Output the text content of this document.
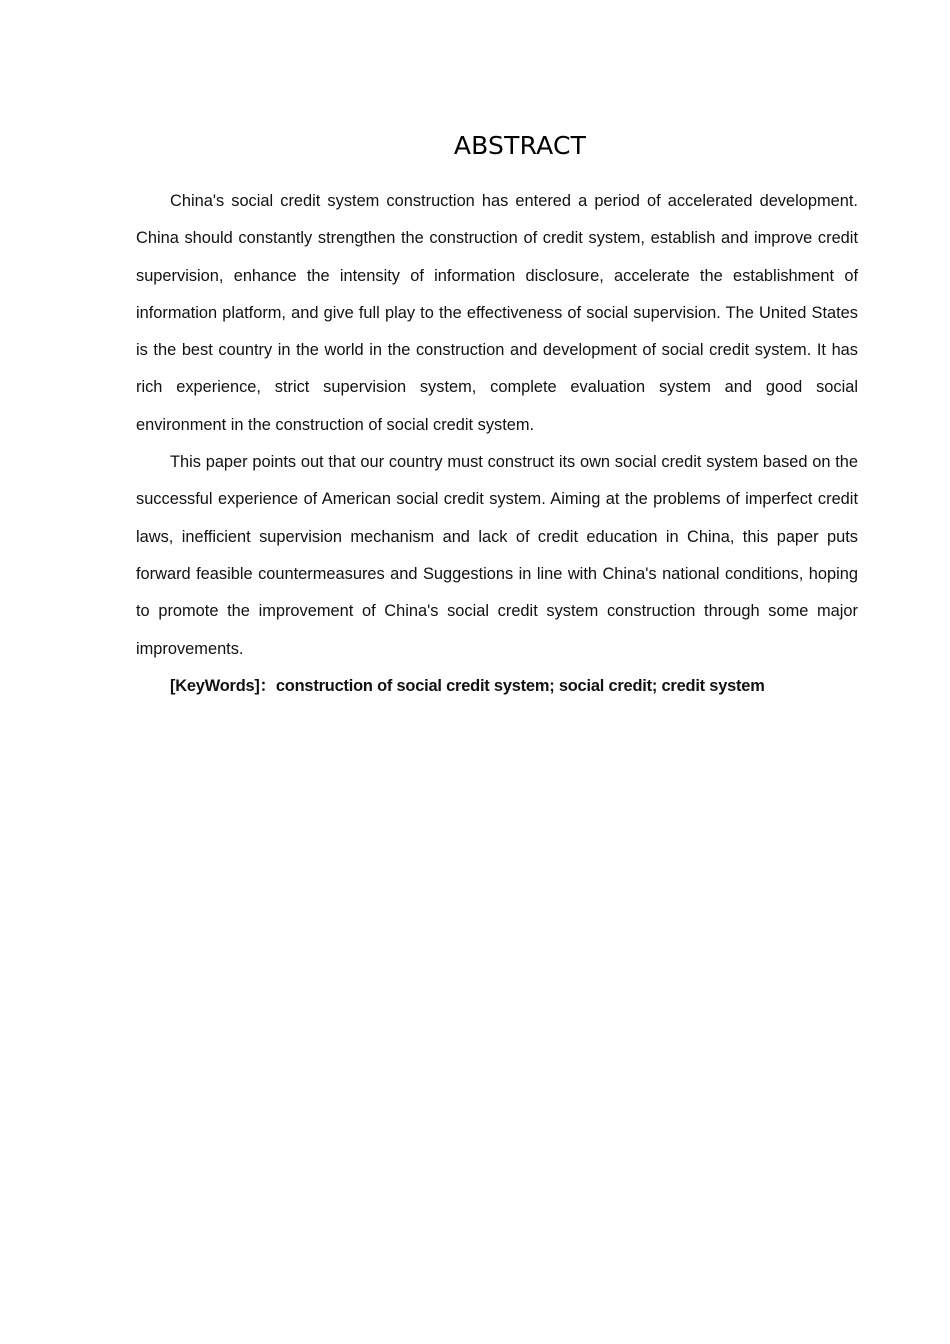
ABSTRACT

China's social credit system construction has entered a period of accelerated development. China should constantly strengthen the construction of credit system, establish and improve credit supervision, enhance the intensity of information disclosure, accelerate the establishment of information platform, and give full play to the effectiveness of social supervision. The United States is the best country in the world in the construction and development of social credit system. It has rich experience, strict supervision system, complete evaluation system and good social environment in the construction of social credit system.

This paper points out that our country must construct its own social credit system based on the successful experience of American social credit system. Aiming at the problems of imperfect credit laws, inefficient supervision mechanism and lack of credit education in China, this paper puts forward feasible countermeasures and Suggestions in line with China's national conditions, hoping to promote the improvement of China's social credit system construction through some major improvements.

[KeyWords]：construction of social credit system; social credit; credit system
